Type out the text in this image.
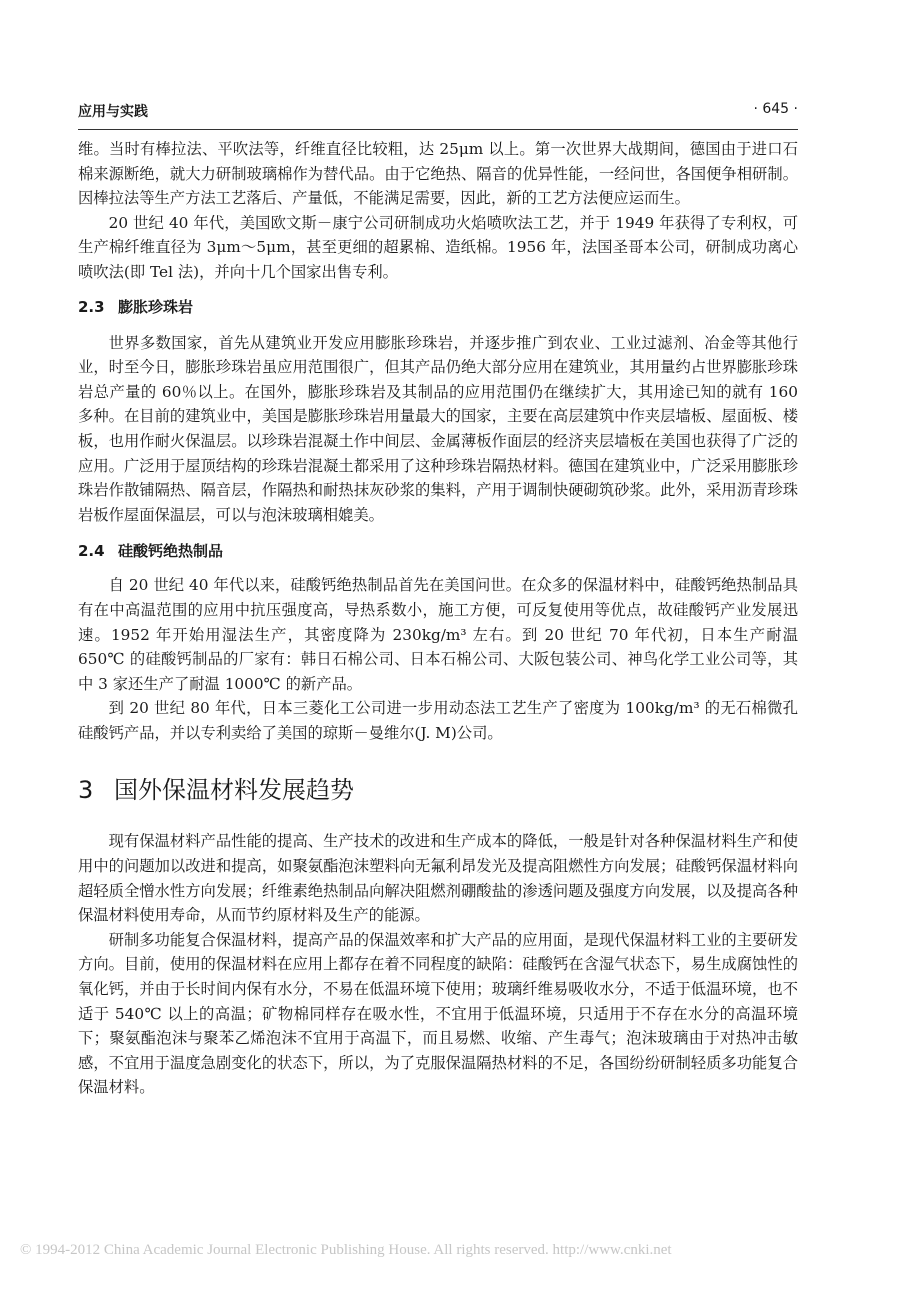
应用与实践	· 645 ·

维。当时有棒拉法、平吹法等，纤维直径比较粗，达 25μm 以上。第一次世界大战期间，德国由于进口石棉来源断绝，就大力研制玻璃棉作为替代品。由于它绝热、隔音的优异性能，一经问世，各国便争相研制。因棒拉法等生产方法工艺落后、产量低，不能满足需要，因此，新的工艺方法便应运而生。

20 世纪 40 年代，美国欧文斯－康宁公司研制成功火焰喷吹法工艺，并于 1949 年获得了专利权，可生产棉纤维直径为 3μm～5μm，甚至更细的超累棉、造纸棉。1956 年，法国圣哥本公司，研制成功离心喷吹法(即 Tel 法)，并向十几个国家出售专利。

2.3 膨胀珍珠岩

世界多数国家，首先从建筑业开发应用膨胀珍珠岩，并逐步推广到农业、工业过滤剂、冶金等其他行业，时至今日，膨胀珍珠岩虽应用范围很广，但其产品仍绝大部分应用在建筑业，其用量约占世界膨胀珍珠岩总产量的 60％以上。在国外，膨胀珍珠岩及其制品的应用范围仍在继续扩大，其用途已知的就有 160 多种。在目前的建筑业中，美国是膨胀珍珠岩用量最大的国家，主要在高层建筑中作夹层墙板、屋面板、楼板，也用作耐火保温层。以珍珠岩混凝土作中间层、金属薄板作面层的经济夹层墙板在美国也获得了广泛的应用。广泛用于屋顶结构的珍珠岩混凝土都采用了这种珍珠岩隔热材料。德国在建筑业中，广泛采用膨胀珍珠岩作散铺隔热、隔音层，作隔热和耐热抹灰砂浆的集料，产用于调制快硬砌筑砂浆。此外，采用沥青珍珠岩板作屋面保温层，可以与泡沫玻璃相媲美。

2.4 硅酸钙绝热制品

自 20 世纪 40 年代以来，硅酸钙绝热制品首先在美国问世。在众多的保温材料中，硅酸钙绝热制品具有在中高温范围的应用中抗压强度高，导热系数小，施工方便，可反复使用等优点，故硅酸钙产业发展迅速。1952 年开始用湿法生产，其密度降为 230kg/m³ 左右。到 20 世纪 70 年代初，日本生产耐温 650℃ 的硅酸钙制品的厂家有：韩日石棉公司、日本石棉公司、大阪包装公司、神鸟化学工业公司等，其中 3 家还生产了耐温 1000℃ 的新产品。

到 20 世纪 80 年代，日本三菱化工公司进一步用动态法工艺生产了密度为 100kg/m³ 的无石棉微孔硅酸钙产品，并以专利卖给了美国的琼斯－曼维尔(J. M)公司。

3 国外保温材料发展趋势

现有保温材料产品性能的提高、生产技术的改进和生产成本的降低，一般是针对各种保温材料生产和使用中的问题加以改进和提高，如聚氨酯泡沫塑料向无氟利昂发光及提高阻燃性方向发展；硅酸钙保温材料向超轻质全憎水性方向发展；纤维素绝热制品向解决阻燃剂硼酸盐的渗透问题及强度方向发展，以及提高各种保温材料使用寿命，从而节约原材料及生产的能源。

研制多功能复合保温材料，提高产品的保温效率和扩大产品的应用面，是现代保温材料工业的主要研发方向。目前，使用的保温材料在应用上都存在着不同程度的缺陷：硅酸钙在含湿气状态下，易生成腐蚀性的氧化钙，并由于长时间内保有水分，不易在低温环境下使用；玻璃纤维易吸收水分，不适于低温环境，也不适于 540℃ 以上的高温；矿物棉同样存在吸水性，不宜用于低温环境，只适用于不存在水分的高温环境下；聚氨酯泡沫与聚苯乙烯泡沫不宜用于高温下，而且易燃、收缩、产生毒气；泡沫玻璃由于对热冲击敏感，不宜用于温度急剧变化的状态下，所以，为了克服保温隔热材料的不足，各国纷纷研制轻质多功能复合保温材料。

© 1994-2012 China Academic Journal Electronic Publishing House. All rights reserved. http://www.cnki.net
